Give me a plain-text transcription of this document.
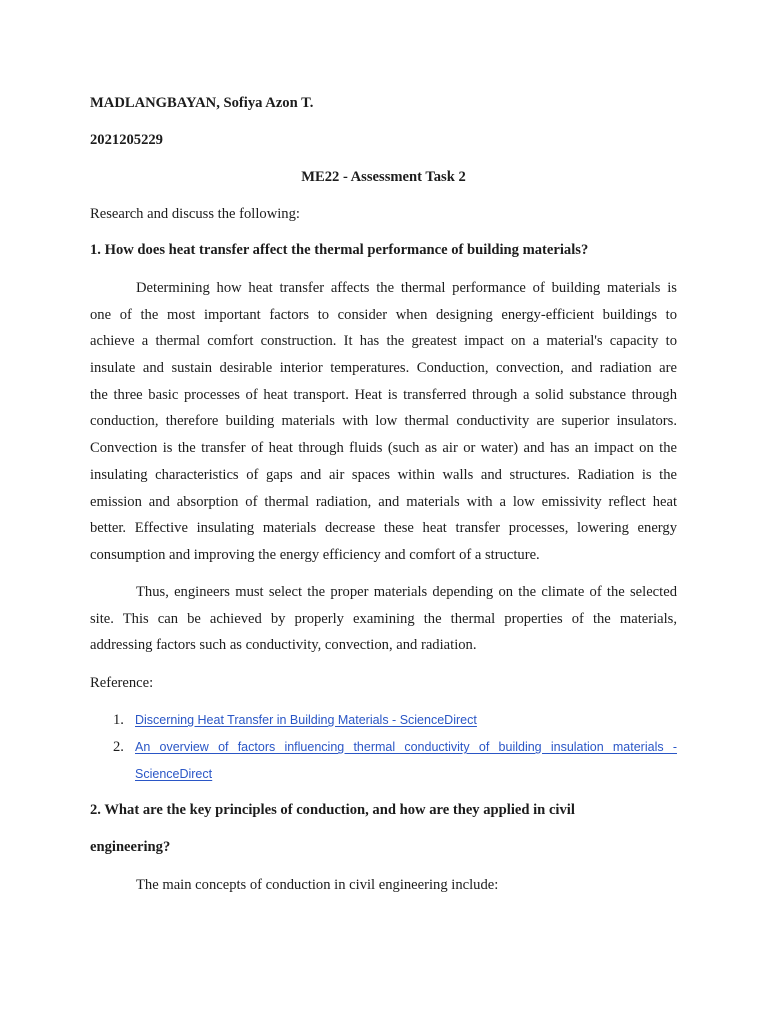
MADLANGBAYAN, Sofiya Azon T.
2021205229
ME22 - Assessment Task 2
Research and discuss the following:
1. How does heat transfer affect the thermal performance of building materials?
Determining how heat transfer affects the thermal performance of building materials is
one of the most important factors to consider when designing energy-efficient buildings to
achieve a thermal comfort construction. It has the greatest impact on a material's capacity to
insulate and sustain desirable interior temperatures. Conduction, convection, and radiation are
the three basic processes of heat transport. Heat is transferred through a solid substance through
conduction, therefore building materials with low thermal conductivity are superior insulators.
Convection is the transfer of heat through fluids (such as air or water) and has an impact on the
insulating characteristics of gaps and air spaces within walls and structures. Radiation is the
emission and absorption of thermal radiation, and materials with a low emissivity reflect heat
better. Effective insulating materials decrease these heat transfer processes, lowering energy
consumption and improving the energy efficiency and comfort of a structure.
Thus, engineers must select the proper materials depending on the climate of the selected
site. This can be achieved by properly examining the thermal properties of the materials,
addressing factors such as conductivity, convection, and radiation.
Reference:
1. Discerning Heat Transfer in Building Materials - ScienceDirect
2. An overview of factors influencing thermal conductivity of building insulation materials -
ScienceDirect
2. What are the key principles of conduction, and how are they applied in civil
engineering?
The main concepts of conduction in civil engineering include:
